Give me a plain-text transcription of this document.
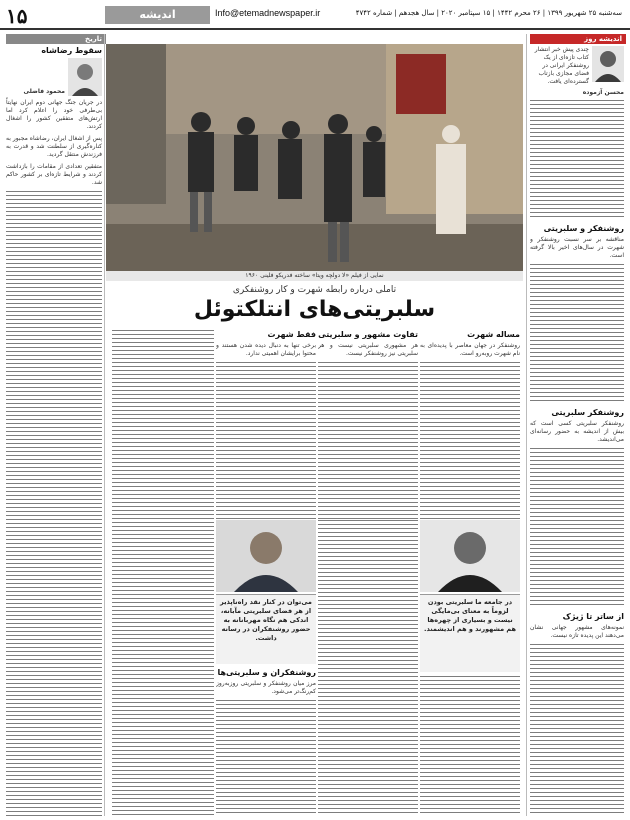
۱۵	اندیشه	Info@etemadnewspaper.ir	سه‌شنبه ۲۵ شهریور ۱۳۹۹ | ۲۶ محرم ۱۴۴۲ | ۱۵ سپتامبر ۲۰۲۰ | سال هجدهم | شماره ۴۷۴۲
تاریخ
سقوط رضاشاه
محمود فاضلی

در جریان جنگ جهانی دوم ایران نهایتاً بی‌طرفی خود را اعلام کرد اما ارتش‌های متفقین کشور را اشغال کردند.

پس از اشغال ایران، رضاشاه مجبور به کناره‌گیری از سلطنت شد و قدرت به فرزندش منتقل گردید.

متفقین تعدادی از مقامات را بازداشت کردند و شرایط تازه‌ای بر کشور حاکم شد.

نمایی از فیلم «لا دولچه ویتا» ساخته فدریکو فلینی ۱۹۶۰
تاملی درباره رابطه شهرت و کار روشنفکری
سلبریتی‌های انتلکتوئل
مساله شهرت

روشنفکر در جهان معاصر با پدیده‌ای به نام شهرت روبه‌رو است.

تفاوت مشهور و سلبریتی

هر مشهوری سلبریتی نیست و هر سلبریتی نیز روشنفکر نیست.

فقط شهرت

برخی تنها به دنبال دیده شدن هستند و محتوا برایشان اهمیتی ندارد.

می‌توان در کنار نقد راه‌ناپذیر از هر فضای سلبریتی مآبانه، اندکی هم نگاه مهربانانه به حضور روشنفکران در رسانه داشت.
در جامعه ما سلبریتی بودن لزوماً به معنای بی‌مایگی نیست و بسیاری از چهره‌ها هم مشهورند و هم اندیشمند.
روشنفکران و سلبریتی‌ها

مرز میان روشنفکر و سلبریتی روزبه‌روز کم‌رنگ‌تر می‌شود.

اندیشه روز
چندی پیش خبر انتشار کتاب تازه‌ای از یک روشنفکر ایرانی در فضای مجازی بازتاب گسترده‌ای یافت.
محسن آزموده
روشنفکر و سلبریتی

مناقشه بر سر نسبت روشنفکر و شهرت در سال‌های اخیر بالا گرفته است.

روشنفکر سلبریتی

روشنفکر سلبریتی کسی است که بیش از اندیشه به حضور رسانه‌ای می‌اندیشد.

از ساتر تا ژیژک

نمونه‌های مشهور جهانی نشان می‌دهند این پدیده تازه نیست.
